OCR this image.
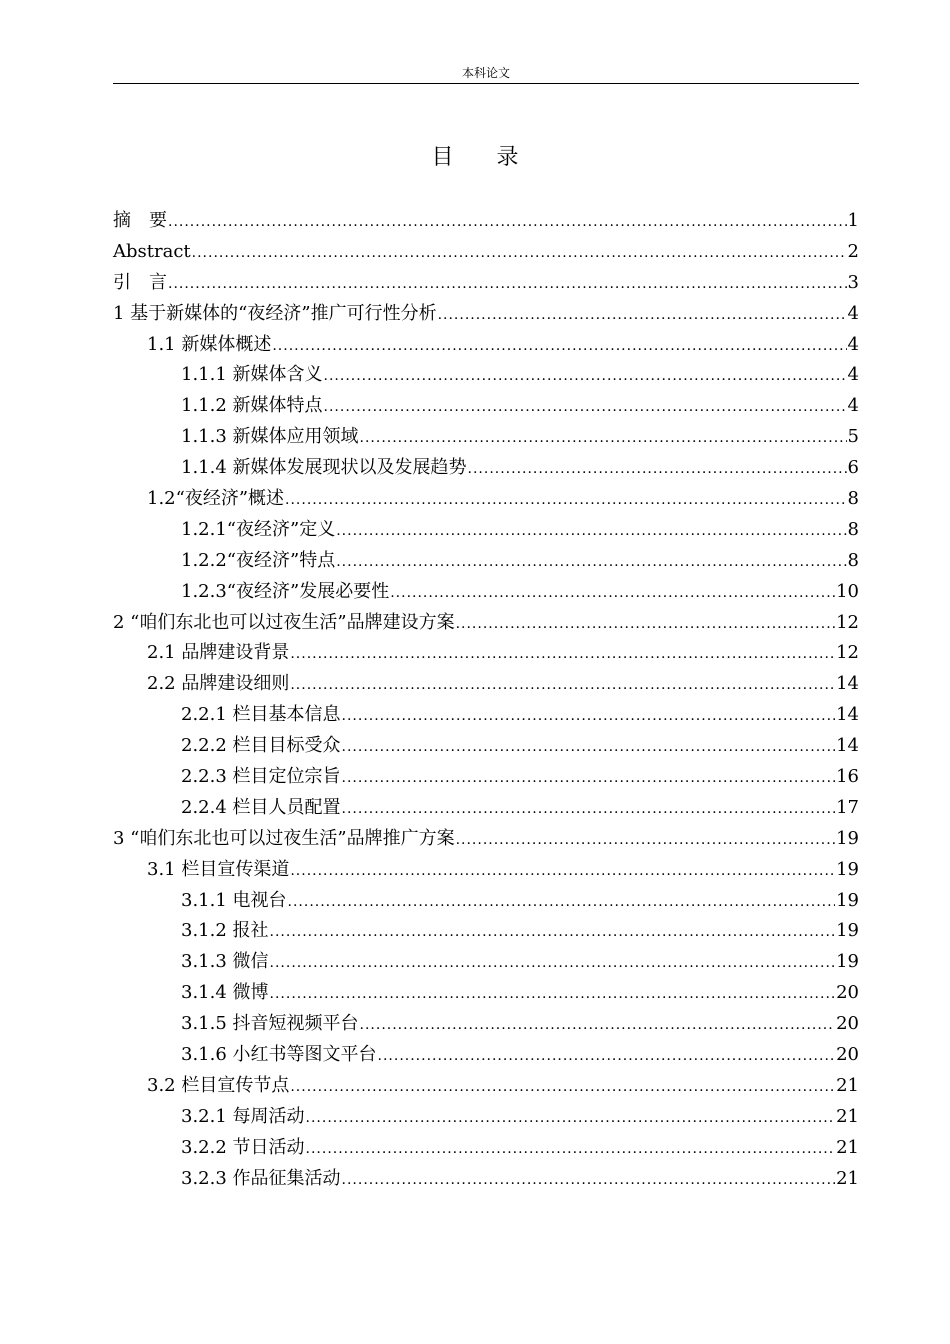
本科论文
目 录
摘　要 .....	1
Abstract .....	2
引　言 .....	3
1 基于新媒体的“夜经济”推广可行性分析 .....	4
1.1 新媒体概述 .....	4
1.1.1 新媒体含义 .....	4
1.1.2 新媒体特点 .....	4
1.1.3 新媒体应用领域 .....	5
1.1.4 新媒体发展现状以及发展趋势 .....	6
1.2“夜经济”概述 .....	8
1.2.1“夜经济”定义 .....	8
1.2.2“夜经济”特点 .....	8
1.2.3“夜经济”发展必要性 .....	10
2 “咱们东北也可以过夜生活”品牌建设方案 .....	12
2.1 品牌建设背景 .....	12
2.2 品牌建设细则 .....	14
2.2.1 栏目基本信息 .....	14
2.2.2 栏目目标受众 .....	14
2.2.3 栏目定位宗旨 .....	16
2.2.4 栏目人员配置 .....	17
3 “咱们东北也可以过夜生活”品牌推广方案 .....	19
3.1 栏目宣传渠道 .....	19
3.1.1 电视台 .....	19
3.1.2 报社 .....	19
3.1.3 微信 .....	19
3.1.4 微博 .....	20
3.1.5 抖音短视频平台 .....	20
3.1.6 小红书等图文平台 .....	20
3.2 栏目宣传节点 .....	21
3.2.1 每周活动 .....	21
3.2.2 节日活动 .....	21
3.2.3 作品征集活动 .....	21
